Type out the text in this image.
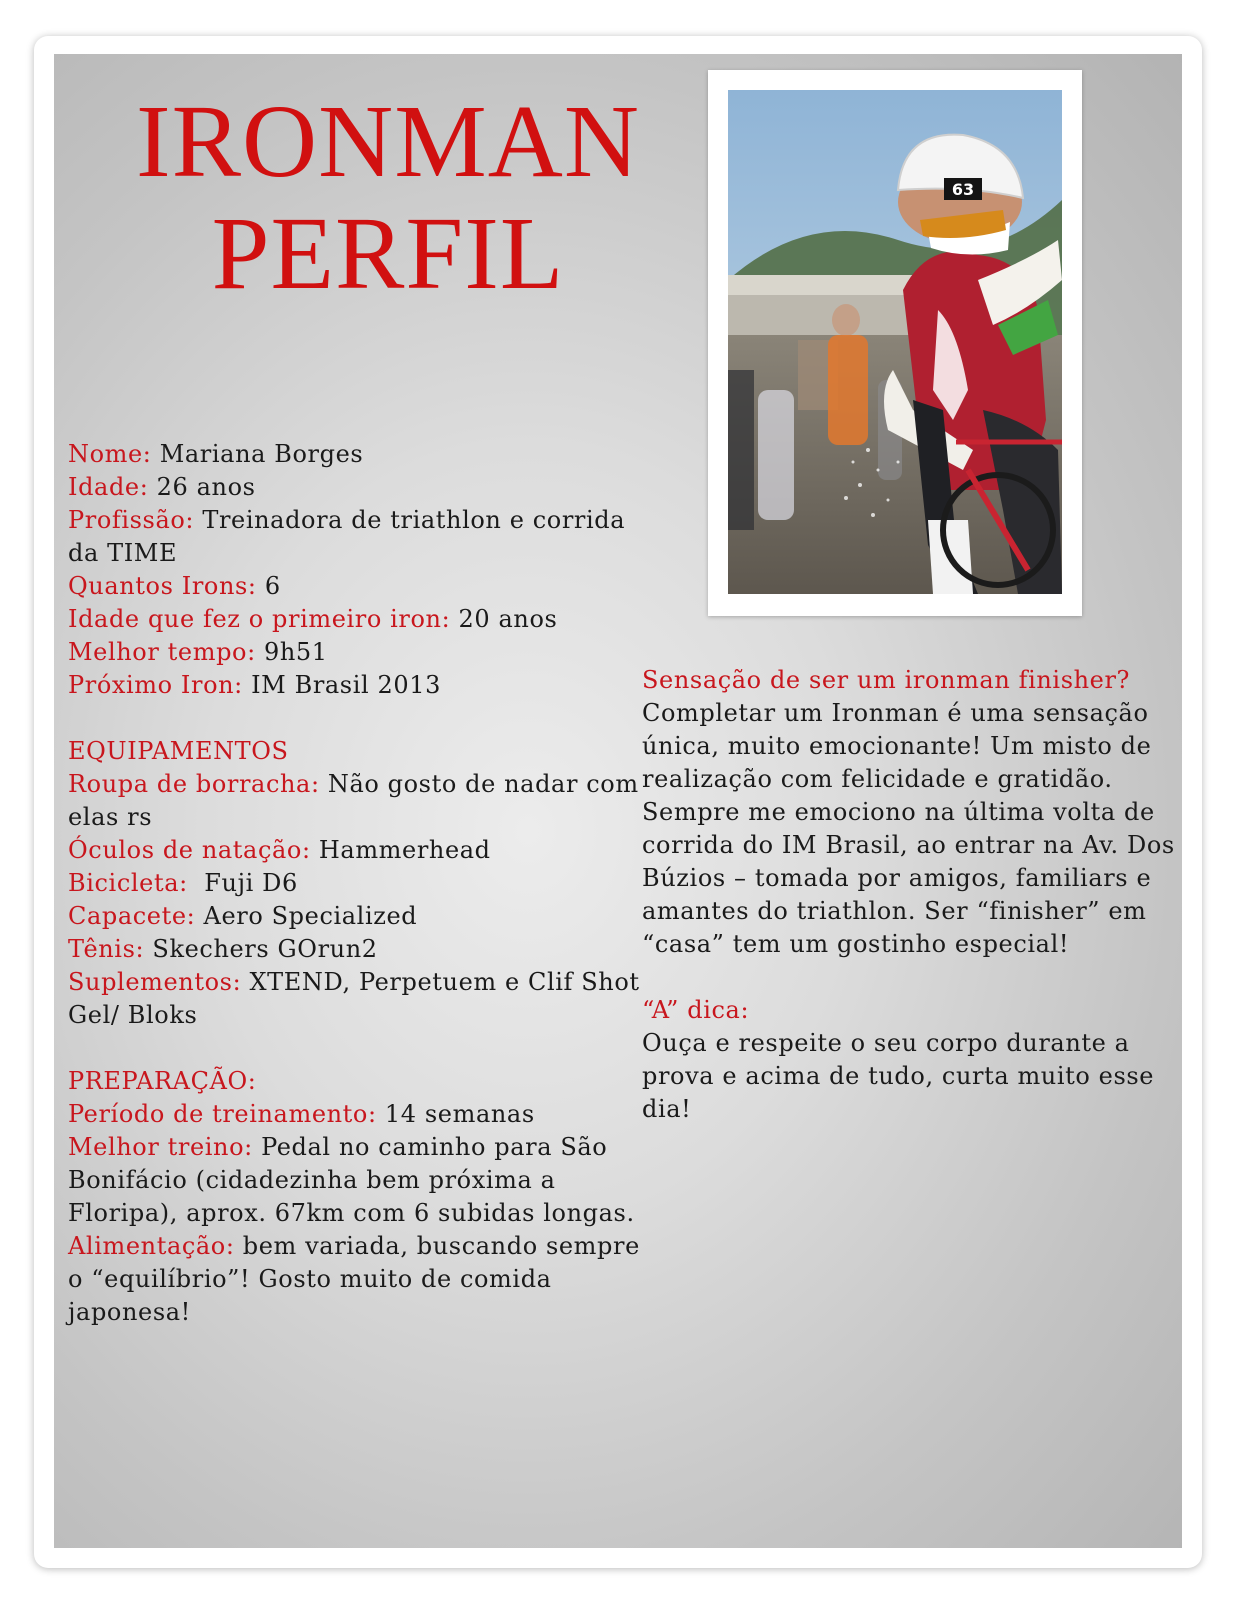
IRONMAN
PERFIL
63

Nome: Mariana Borges

Idade: 26 anos

Profissão: Treinadora de triathlon e corrida da TIME

Quantos Irons: 6

Idade que fez o primeiro iron: 20 anos

Melhor tempo: 9h51

Próximo Iron: IM Brasil 2013

EQUIPAMENTOS

Roupa de borracha: Não gosto de nadar com elas rs

Óculos de natação: Hammerhead

Bicicleta:  Fuji D6

Capacete: Aero Specialized

Tênis: Skechers GOrun2

Suplementos: XTEND, Perpetuem e Clif Shot Gel/ Bloks

PREPARAÇÃO:

Período de treinamento: 14 semanas

Melhor treino: Pedal no caminho para São Bonifácio (cidadezinha bem próxima a Floripa), aprox. 67km com 6 subidas longas.

Alimentação: bem variada, buscando sempre o “equilíbrio”! Gosto muito de comida japonesa!

Sensação de ser um ironman finisher?

Completar um Ironman é uma sensação única, muito emocionante! Um misto de realização com felicidade e gratidão. Sempre me emociono na última volta de corrida do IM Brasil, ao entrar na Av. Dos Búzios – tomada por amigos, familiars e amantes do triathlon. Ser “finisher” em “casa” tem um gostinho especial!

“A” dica:

Ouça e respeite o seu corpo durante a prova e acima de tudo, curta muito esse dia!
